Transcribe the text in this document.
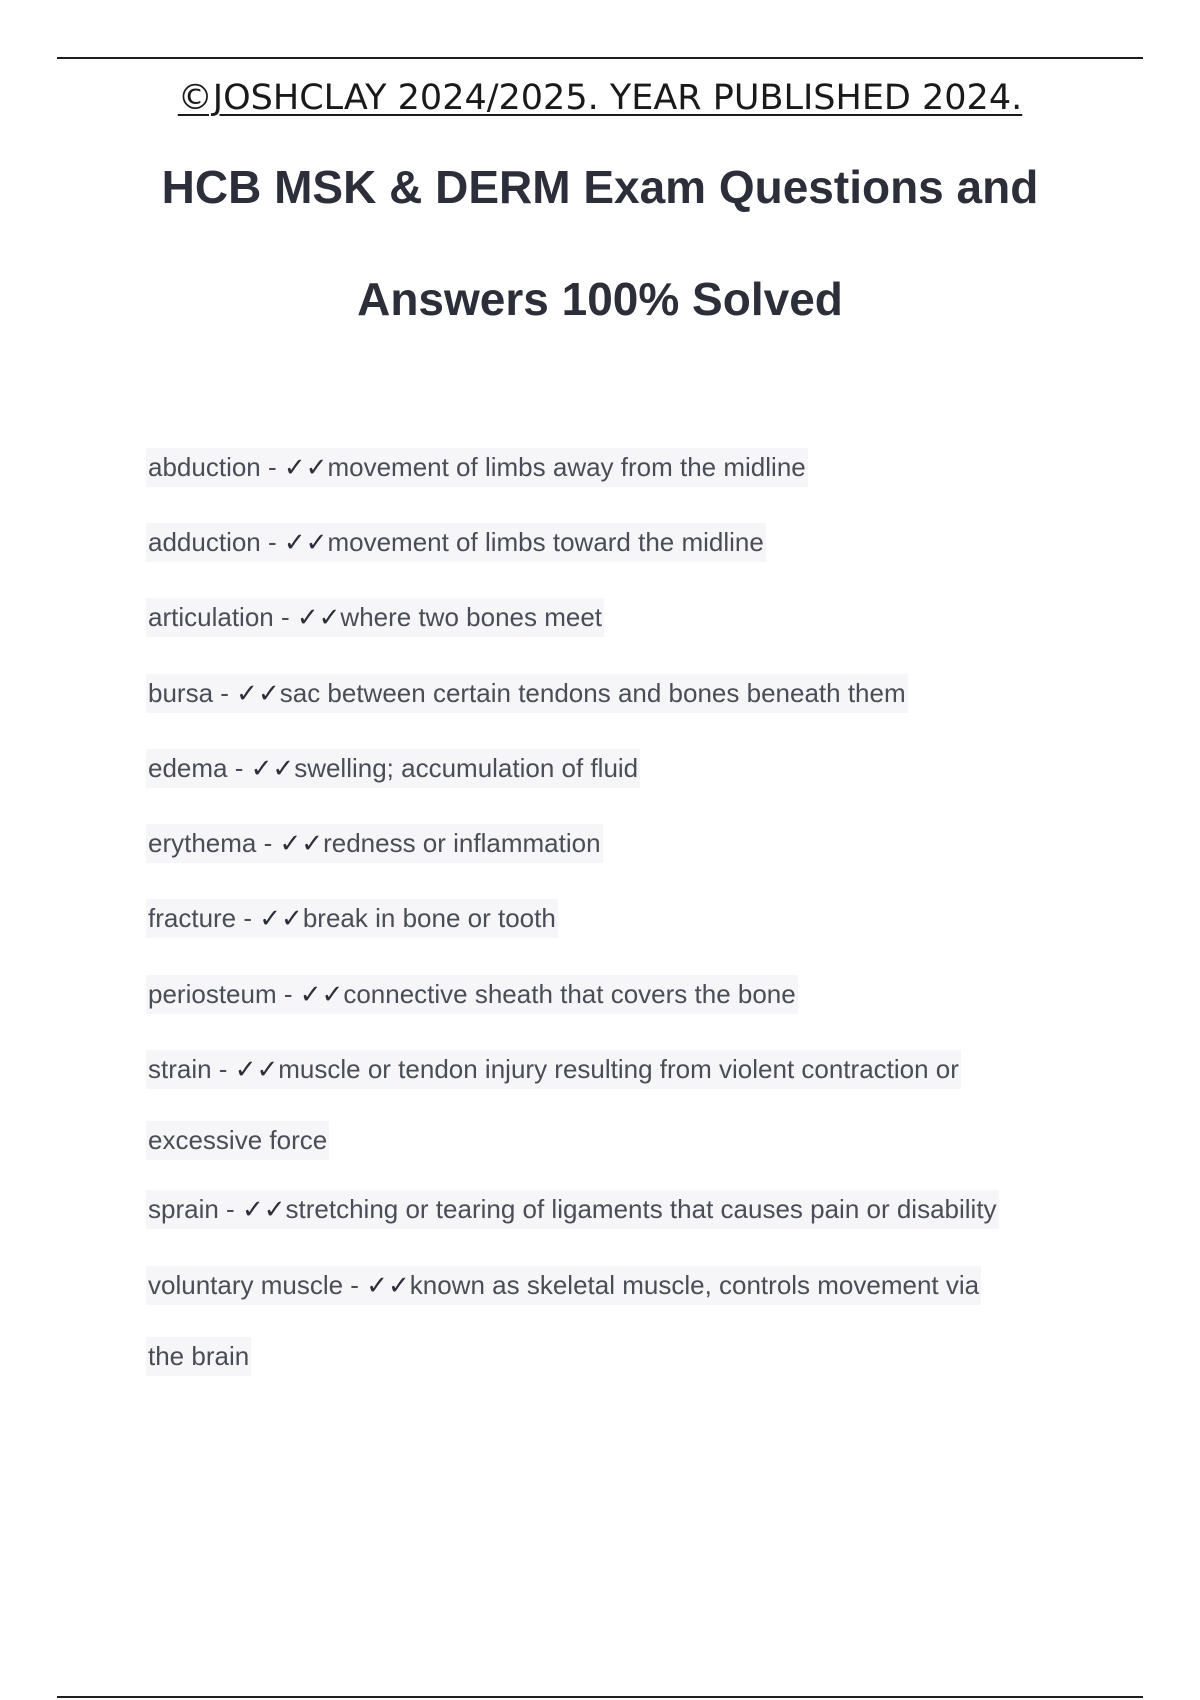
©JOSHCLAY 2024/2025. YEAR PUBLISHED 2024.
HCB MSK & DERM Exam Questions and
Answers 100% Solved
abduction - ✓✓movement of limbs away from the midline
adduction - ✓✓movement of limbs toward the midline
articulation - ✓✓where two bones meet
bursa - ✓✓sac between certain tendons and bones beneath them
edema - ✓✓swelling; accumulation of fluid
erythema - ✓✓redness or inflammation
fracture - ✓✓break in bone or tooth
periosteum - ✓✓connective sheath that covers the bone
strain - ✓✓muscle or tendon injury resulting from violent contraction or
excessive force
sprain - ✓✓stretching or tearing of ligaments that causes pain or disability
voluntary muscle - ✓✓known as skeletal muscle, controls movement via
the brain
